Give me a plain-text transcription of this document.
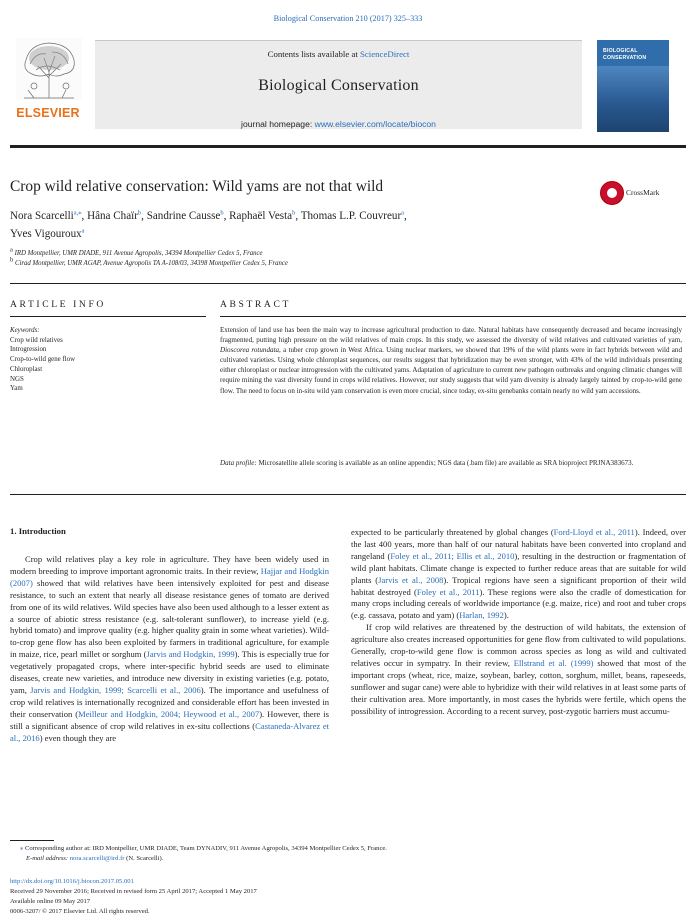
Biological Conservation 210 (2017) 325–333
ELSEVIER
Contents lists available at ScienceDirect
Biological Conservation
journal homepage: www.elsevier.com/locate/biocon
BIOLOGICAL CONSERVATION
Crop wild relative conservation: Wild yams are not that wild	CrossMark
Nora Scarcelli$^{a,⁎}$, Hâna Chaïr$^b$, Sandrine Causse$^b$, Raphaël Vesta$^b$, Thomas L.P. Couvreur$^a$,
Yves Vigouroux$^a$
$^a$ IRD Montpellier, UMR DIADE, 911 Avenue Agropolis, 34394 Montpellier Cedex 5, France
$^b$ Cirad Montpellier, UMR AGAP, Avenue Agropolis TA A-108/03, 34398 Montpellier Cedex 5, France
ARTICLE INFO	ABSTRACT
Keywords:
Crop wild relatives
Introgression
Crop-to-wild gene flow
Chloroplast
NGS
Yam
Extension of land use has been the main way to increase agricultural production to date. Natural habitats have consequently decreased and became increasingly fragmented, putting high pressure on the wild relatives of main crops. In this study, we assessed the diversity of wild relatives and cultivated varieties of yam, Dioscorea rotundata, a tuber crop grown in West Africa. Using nuclear markers, we showed that 19% of the wild plants were in fact hybrids between wild and cultivated varieties. Using whole chloroplast sequences, our results suggest that hybridization may be even stronger, with 43% of the wild individuals presenting either chloroplast or nuclear introgression with the cultivated yams. Adaptation of agriculture to current new pathogen outbreaks and ongoing climatic changes will require mining the vast diversity found in crops wild relatives. However, our study suggests that wild yam diversity is already largely tainted by crop-to-wild gene flow. The need to focus on in-situ wild yam conservation is even more crucial, since today, ex-situ genebanks contain nearly no wild yam accessions.
Data profile: Microsatellite allele scoring is available as an online appendix; NGS data (.bam file) are available as SRA bioproject PRJNA383673.
1. Introduction

Crop wild relatives play a key role in agriculture. They have been widely used in modern breeding to improve important agronomic traits. In their review, Hajjar and Hodgkin (2007) showed that wild relatives have been intensively exploited for pest and disease resistance, to such an extent that nearly all disease resistance genes of tomato are derived from one of its wild relatives. Wild species have also been used although to a lesser extent as a source of abiotic stress resistance (e.g. salt-tolerant sunflower), to increase yield (e.g. hybrid tomato) and improve quality (e.g. higher quality grain in some wheat varieties). Wild-to-crop gene flow has also been exploited by farmers in traditional agriculture, for example in maize, rice, pearl millet or sorghum (Jarvis and Hodgkin, 1999). This is especially true for vegetatively propagated crops, where inter-specific hybrid seeds are used to eliminate diseases, create new varieties, and introduce new diversity in existing varieties (e.g. potato, yam, Jarvis and Hodgkin, 1999; Scarcelli et al., 2006). The importance and usefulness of crop wild relatives is internationally recognized and considerable effort has been invested in their conservation (Meilleur and Hodgkin, 2004; Heywood et al., 2007). However, there is still a significant absence of crop wild relatives in ex-situ collections (Castaneda-Alvarez et al., 2016) even though they are

expected to be particularly threatened by global changes (Ford-Lloyd et al., 2011). Indeed, over the last 400 years, more than half of our natural habitats have been converted into cropland and rangeland (Foley et al., 2011; Ellis et al., 2010), resulting in the destruction or fragmentation of wild plant habitats. Climate change is expected to further reduce areas that are suitable for wild plants (Jarvis et al., 2008). Tropical regions have seen a significant proportion of their wild habitat destroyed (Foley et al., 2011). These regions were also the cradle of domestication for many crops including cereals of worldwide importance (e.g. maize, rice) and root and tuber crops (e.g. cassava, potato and yam) (Harlan, 1992).

If crop wild relatives are threatened by the destruction of wild habitats, the extension of agriculture also creates increased opportunities for gene flow from cultivated to wild populations. Generally, crop-to-wild gene flow is common across species as long as wild and cultivated relatives occur in sympatry. In their review, Ellstrand et al. (1999) showed that most of the important crops (wheat, rice, maize, soybean, barley, cotton, sorghum, millet, beans, rapeseeds, sunflower and sugar cane) were able to hybridize with their wild relatives in at least some parts of their cultivation area. More importantly, in most cases the hybrids were fertile, which opens the possibility of introgression. According to a recent survey, post-zygotic barriers must accumu-

⁎ Corresponding author at: IRD Montpellier, UMR DIADE, Team DYNADIV, 911 Avenue Agropolis, 34394 Montpellier Cedex 5, France.
E-mail address: nora.scarcelli@ird.fr (N. Scarcelli).
http://dx.doi.org/10.1016/j.biocon.2017.05.001
Received 29 November 2016; Received in revised form 25 April 2017; Accepted 1 May 2017
Available online 09 May 2017
0006-3207/ © 2017 Elsevier Ltd. All rights reserved.
